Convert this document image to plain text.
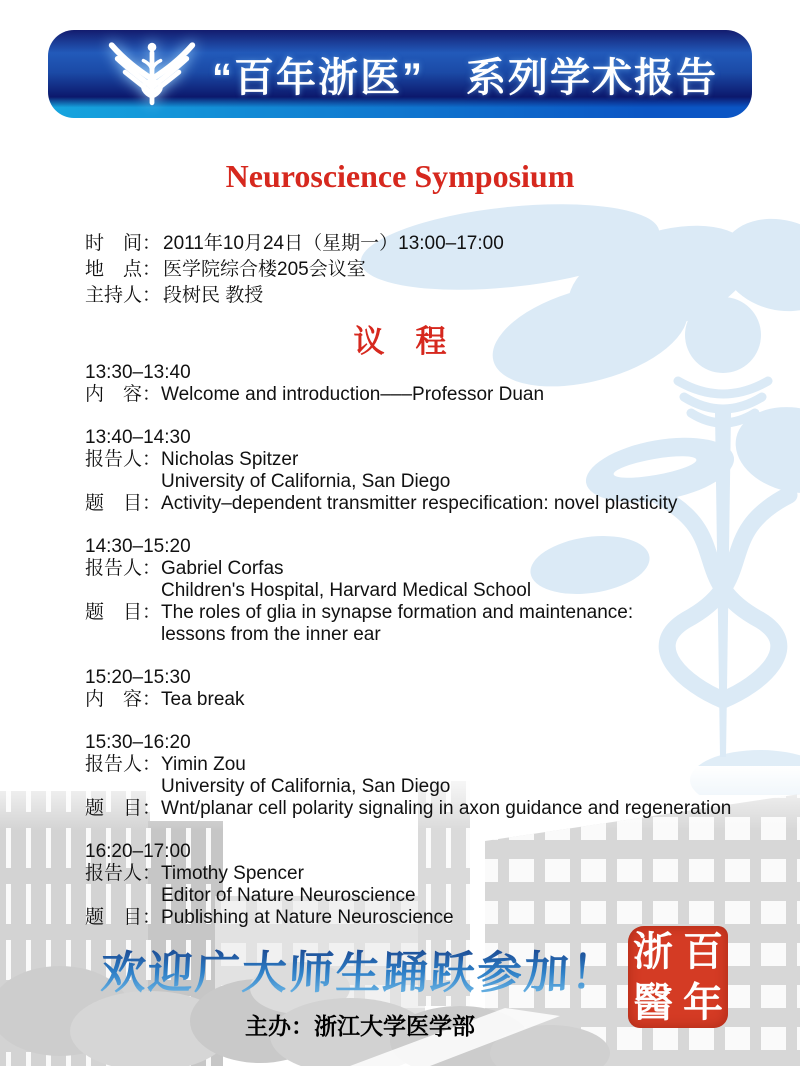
“百年浙医”　系列学术报告
Neuroscience Symposium
时　间： 2011年10月24日（星期一）13:00–17:00
地　点： 医学院综合楼205会议室
主持人： 段树民 教授
议　程
13:30–13:40
内　容： Welcome and introduction–––Professor Duan
13:40–14:30
报告人： Nicholas Spitzer
University of California, San Diego
题　目： Activity–dependent transmitter respecification: novel plasticity
14:30–15:20
报告人： Gabriel Corfas
Children's Hospital, Harvard Medical School
题　目： The roles of glia in synapse formation and maintenance:
lessons from the inner ear
15:20–15:30
内　容： Tea break
15:30–16:20
报告人： Yimin Zou
University of California, San Diego
题　目： Wnt/planar cell polarity signaling in axon guidance and regeneration
16:20–17:00
报告人： Timothy Spencer
Editor of Nature Neuroscience
题　目： Publishing at Nature Neuroscience
欢迎广大师生踊跃参加！
主办：浙江大学医学部
浙 百
醫 年
